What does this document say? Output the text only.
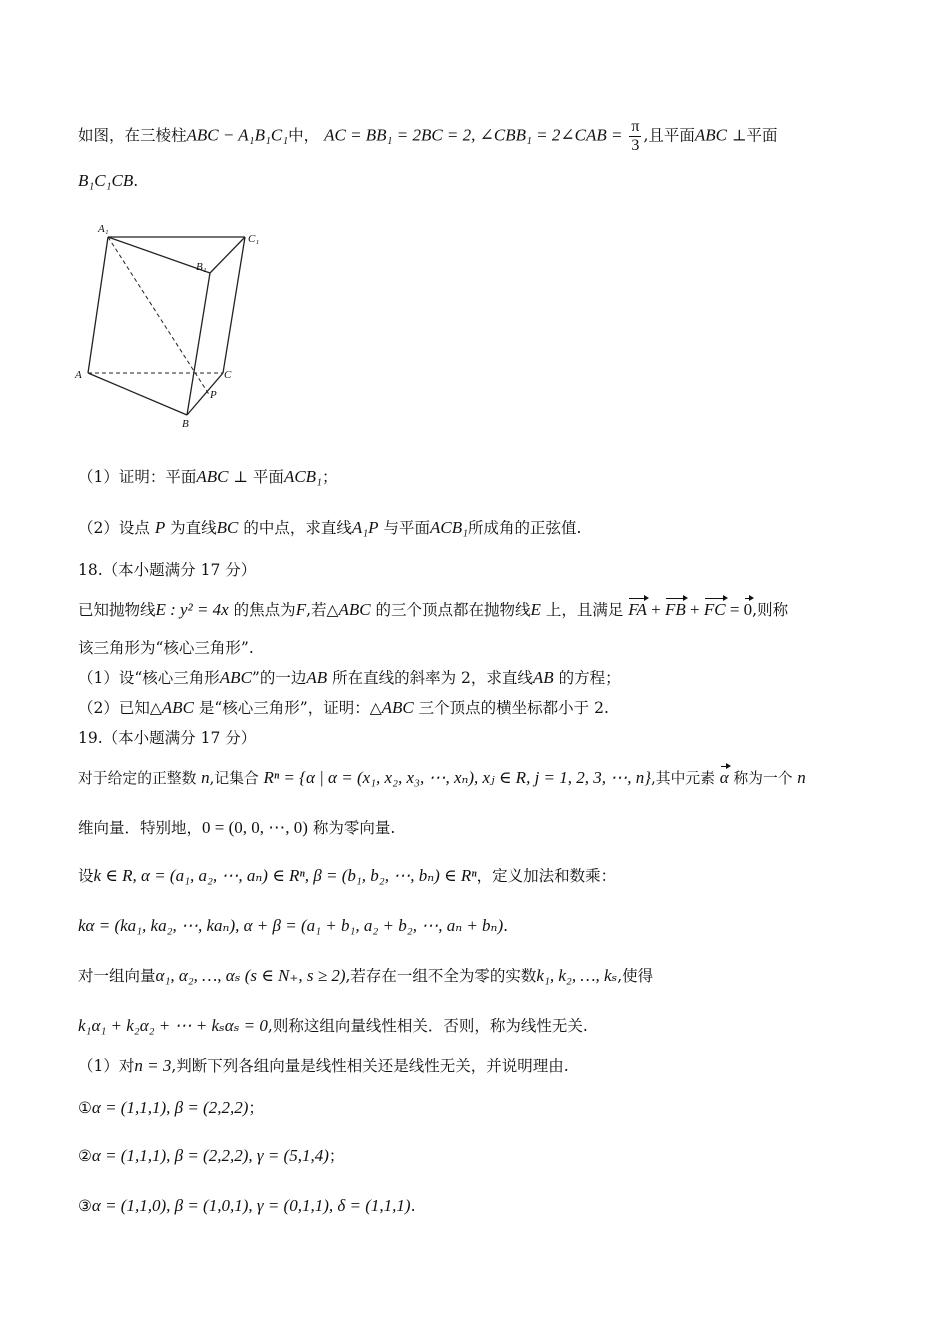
如图，在三棱柱ABC − A₁B₁C₁中， AC = BB₁ = 2BC = 2, ∠CBB₁ = 2∠CAB = $\frac{\pi}{3}$ ,且平面ABC ⊥平面
B₁C₁CB.
A₁
B₁
C₁
A
B
C
P
（1）证明：平面ABC ⊥ 平面ACB₁；
（2）设点 P 为直线BC 的中点，求直线A₁P 与平面ACB₁所成角的正弦值.
18.（本小题满分 17 分）
已知抛物线E : y² = 4x 的焦点为F,若△ABC 的三个顶点都在抛物线E 上，且满足 FA + FB + FC = 0,则称
该三角形为“核心三角形”.
（1）设“核心三角形ABC”的一边AB 所在直线的斜率为 2，求直线AB 的方程；
（2）已知△ABC 是“核心三角形”，证明：△ABC 三个顶点的横坐标都小于 2.
19.（本小题满分 17 分）
对于给定的正整数 n,记集合 Rⁿ = {α | α = (x₁, x₂, x₃, ⋯, xₙ), xⱼ ∈ R, j = 1, 2, 3, ⋯, n},其中元素 α 称为一个 n
维向量．特别地，0 = (0, 0, ⋯, 0) 称为零向量.
设k ∈ R, α = (a₁, a₂, ⋯, aₙ) ∈ Rⁿ, β = (b₁, b₂, ⋯, bₙ) ∈ Rⁿ，定义加法和数乘：
kα = (ka₁, ka₂, ⋯, kaₙ), α + β = (a₁ + b₁, a₂ + b₂, ⋯, aₙ + bₙ).
对一组向量α₁, α₂, …, αₛ (s ∈ N₊, s ≥ 2),若存在一组不全为零的实数k₁, k₂, …, kₛ,使得
k₁α₁ + k₂α₂ + ⋯ + kₛαₛ = 0,则称这组向量线性相关．否则，称为线性无关.
（1）对n = 3,判断下列各组向量是线性相关还是线性无关，并说明理由.
①α = (1,1,1), β = (2,2,2)；
②α = (1,1,1), β = (2,2,2), γ = (5,1,4)；
③α = (1,1,0), β = (1,0,1), γ = (0,1,1), δ = (1,1,1).
